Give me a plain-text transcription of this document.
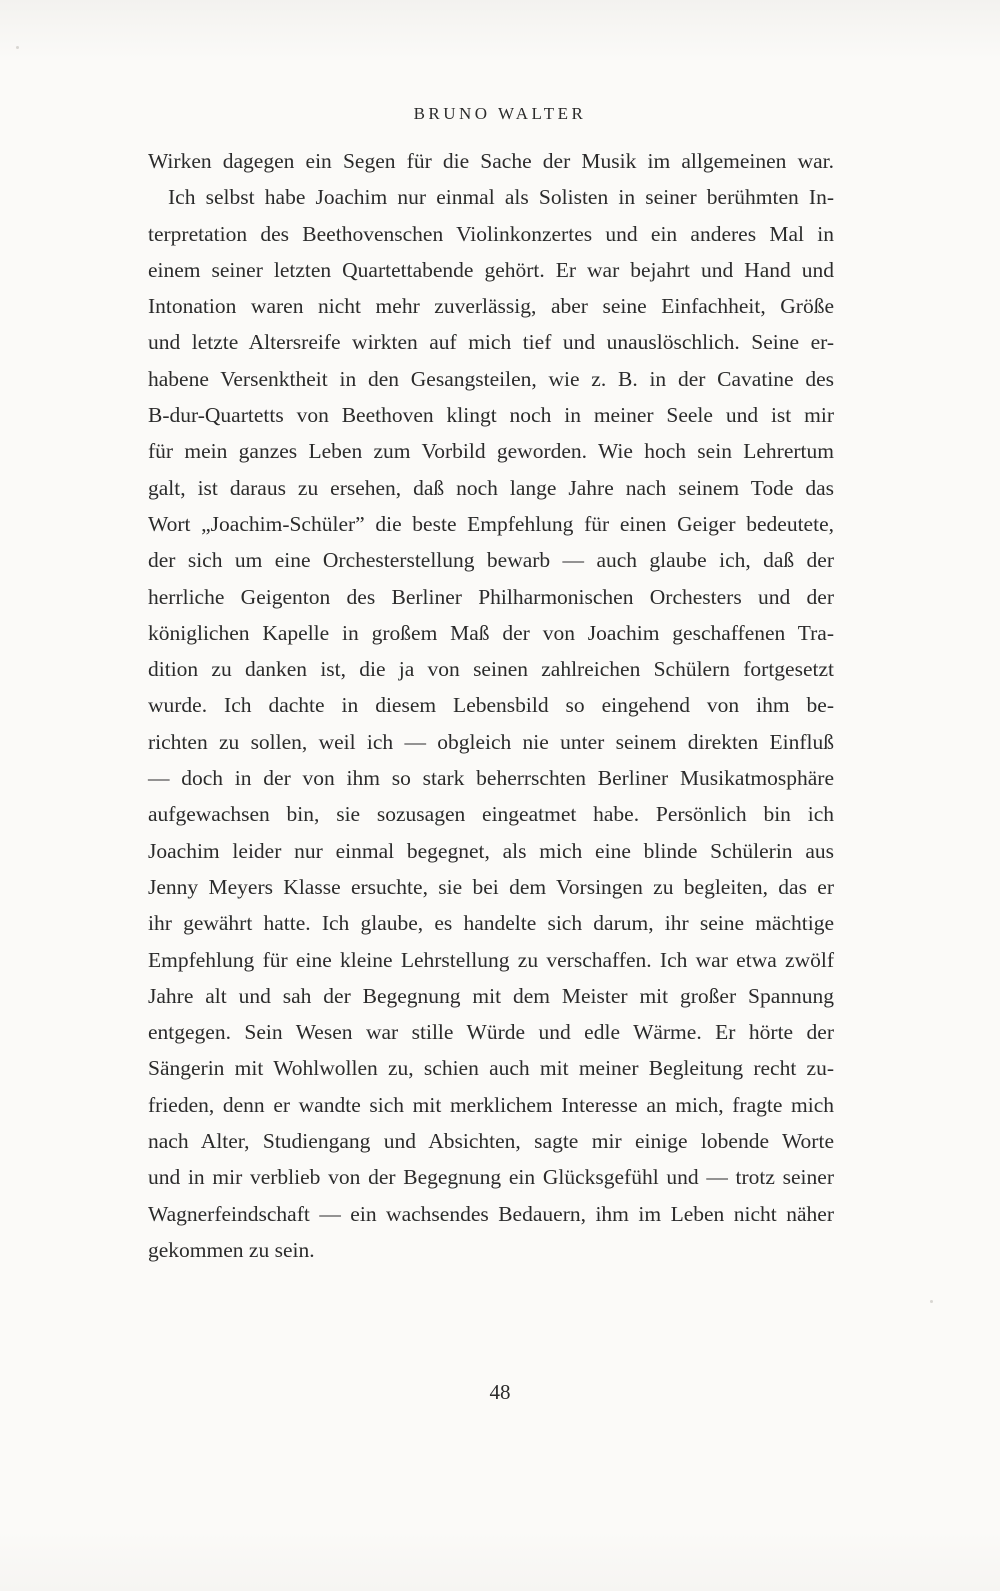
BRUNO WALTER
Wirken dagegen ein Segen für die Sache der Musik im allgemeinen war.
Ich selbst habe Joachim nur einmal als Solisten in seiner berühmten In-
terpretation des Beethovenschen Violinkonzertes und ein anderes Mal in
einem seiner letzten Quartettabende gehört. Er war bejahrt und Hand und
Intonation waren nicht mehr zuverlässig, aber seine Einfachheit, Größe
und letzte Altersreife wirkten auf mich tief und unauslöschlich. Seine er-
habene Versenktheit in den Gesangsteilen, wie z. B. in der Cavatine des
B-dur-Quartetts von Beethoven klingt noch in meiner Seele und ist mir
für mein ganzes Leben zum Vorbild geworden. Wie hoch sein Lehrertum
galt, ist daraus zu ersehen, daß noch lange Jahre nach seinem Tode das
Wort „Joachim-Schüler” die beste Empfehlung für einen Geiger bedeutete,
der sich um eine Orchesterstellung bewarb — auch glaube ich, daß der
herrliche Geigenton des Berliner Philharmonischen Orchesters und der
königlichen Kapelle in großem Maß der von Joachim geschaffenen Tra-
dition zu danken ist, die ja von seinen zahlreichen Schülern fortgesetzt
wurde. Ich dachte in diesem Lebensbild so eingehend von ihm be-
richten zu sollen, weil ich — obgleich nie unter seinem direkten Einfluß
— doch in der von ihm so stark beherrschten Berliner Musikatmosphäre
aufgewachsen bin, sie sozusagen eingeatmet habe. Persönlich bin ich
Joachim leider nur einmal begegnet, als mich eine blinde Schülerin aus
Jenny Meyers Klasse ersuchte, sie bei dem Vorsingen zu begleiten, das er
ihr gewährt hatte. Ich glaube, es handelte sich darum, ihr seine mächtige
Empfehlung für eine kleine Lehrstellung zu verschaffen. Ich war etwa zwölf
Jahre alt und sah der Begegnung mit dem Meister mit großer Spannung
entgegen. Sein Wesen war stille Würde und edle Wärme. Er hörte der
Sängerin mit Wohlwollen zu, schien auch mit meiner Begleitung recht zu-
frieden, denn er wandte sich mit merklichem Interesse an mich, fragte mich
nach Alter, Studiengang und Absichten, sagte mir einige lobende Worte
und in mir verblieb von der Begegnung ein Glücksgefühl und — trotz seiner
Wagnerfeindschaft — ein wachsendes Bedauern, ihm im Leben nicht näher
gekommen zu sein.
48
